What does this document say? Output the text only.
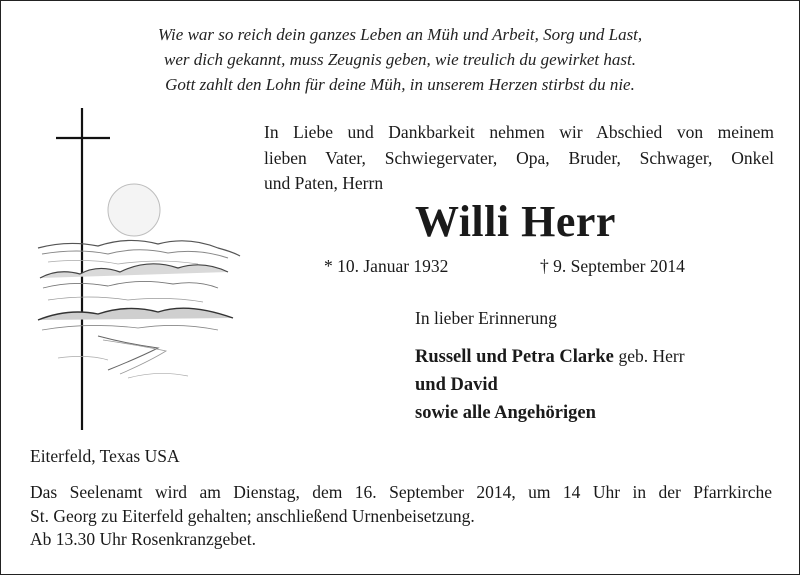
Wie war so reich dein ganzes Leben an Müh und Arbeit, Sorg und Last,
wer dich gekannt, muss Zeugnis geben, wie treulich du gewirket hast.
Gott zahlt den Lohn für deine Müh, in unserem Herzen stirbst du nie.
In Liebe und Dankbarkeit nehmen wir Abschied von meinem
lieben Vater, Schwiegervater, Opa, Bruder, Schwager, Onkel
und Paten, Herrn
Willi Herr
* 10. Januar 1932	† 9. September 2014
In lieber Erinnerung
Russell und Petra Clarke geb. Herr
und David
sowie alle Angehörigen
Eiterfeld, Texas USA
Das Seelenamt wird am Dienstag, dem 16. September 2014, um 14 Uhr in der Pfarrkirche
St. Georg zu Eiterfeld gehalten; anschließend Urnenbeisetzung.
Ab 13.30 Uhr Rosenkranzgebet.
